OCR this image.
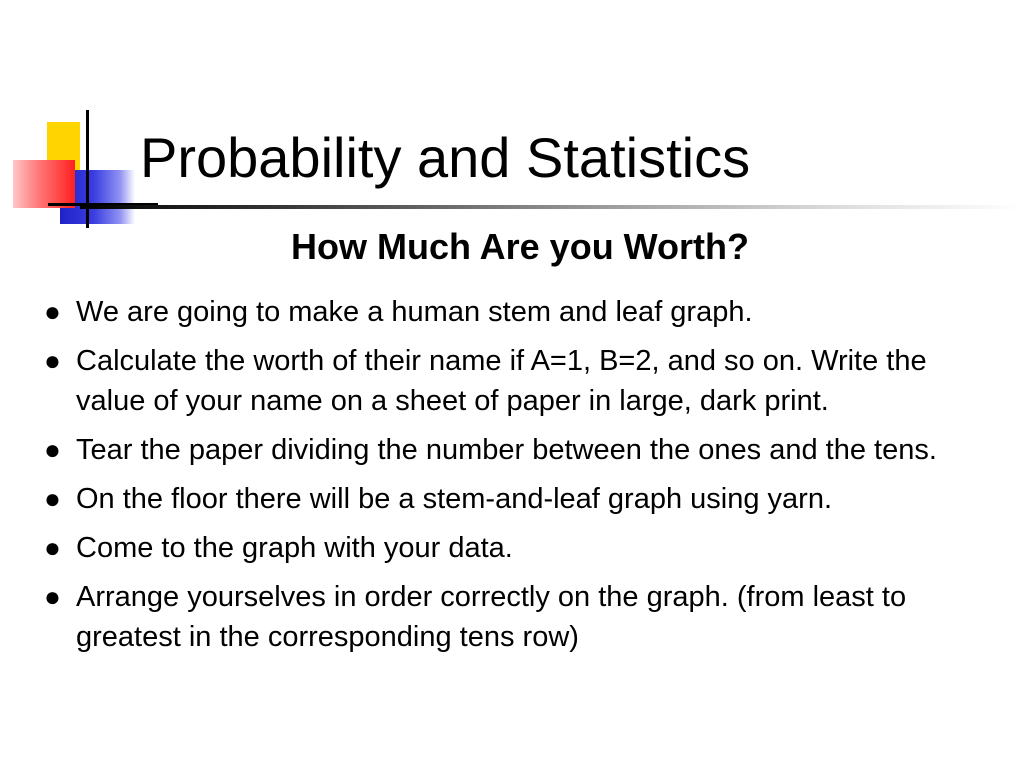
Probability and Statistics
How Much Are you Worth?
● We are going to make a human stem and leaf graph.
● Calculate the worth of their name if A=1, B=2, and so on. Write the value of your name on a sheet of paper in large, dark print.
● Tear the paper dividing the number between the ones and the tens.
● On the floor there will be a stem-and-leaf graph using yarn.
● Come to the graph with your data.
● Arrange yourselves in order correctly on the graph. (from least to greatest in the corresponding tens row)
